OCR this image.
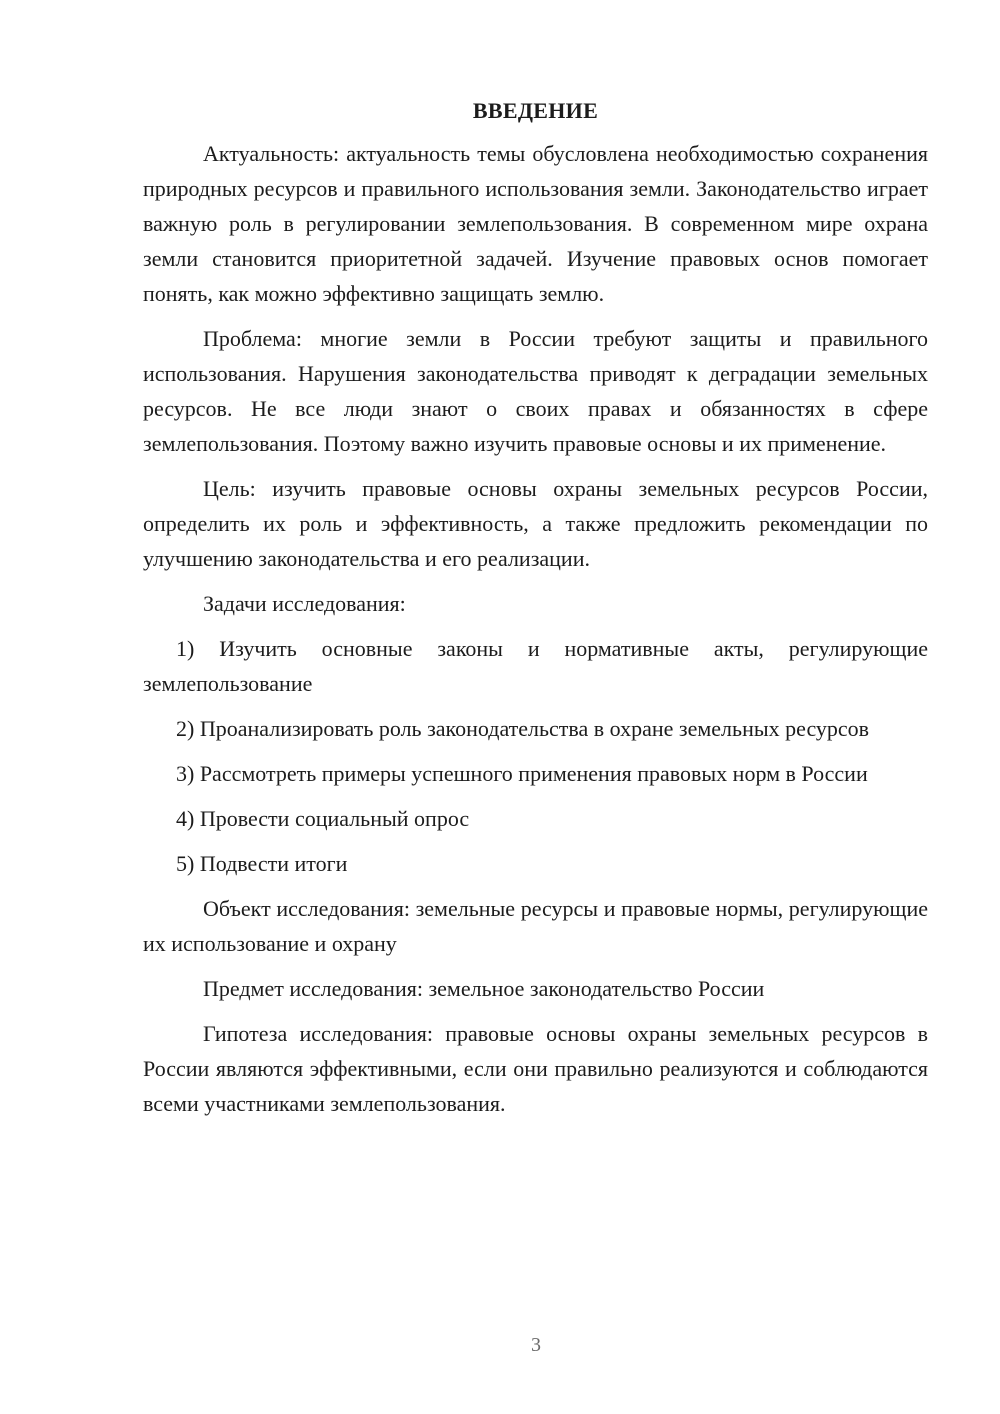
ВВЕДЕНИЕ

Актуальность: актуальность темы обусловлена необходимостью сохранения природных ресурсов и правильного использования земли. Законодательство играет важную роль в регулировании землепользования. В современном мире охрана земли становится приоритетной задачей. Изучение правовых основ помогает понять, как можно эффективно защищать землю.

Проблема: многие земли в России требуют защиты и правильного использования. Нарушения законодательства приводят к деградации земельных ресурсов. Не все люди знают о своих правах и обязанностях в сфере землепользования. Поэтому важно изучить правовые основы и их применение.

Цель: изучить правовые основы охраны земельных ресурсов России, определить их роль и эффективность, а также предложить рекомендации по улучшению законодательства и его реализации.

Задачи исследования:

1) Изучить основные законы и нормативные акты, регулирующие землепользование

2) Проанализировать роль законодательства в охране земельных ресурсов

3) Рассмотреть примеры успешного применения правовых норм в России

4) Провести социальный опрос

5) Подвести итоги

Объект исследования: земельные ресурсы и правовые нормы, регулирующие их использование и охрану

Предмет исследования: земельное законодательство России

Гипотеза исследования: правовые основы охраны земельных ресурсов в России являются эффективными, если они правильно реализуются и соблюдаются всеми участниками землепользования.

3
